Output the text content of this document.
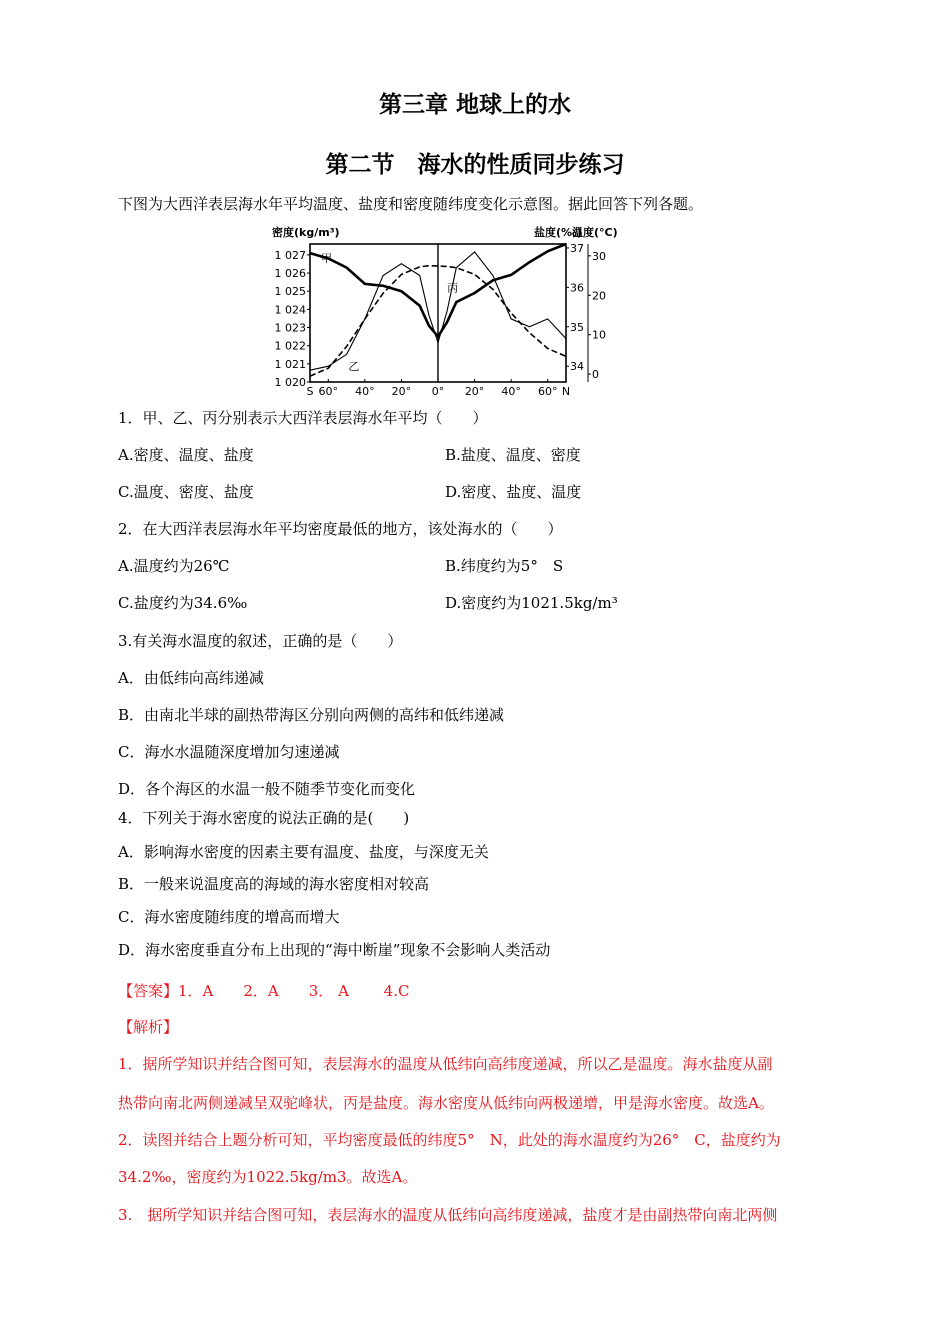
第三章 地球上的水
第二节　海水的性质同步练习
下图为大西洋表层海水年平均温度、盐度和密度随纬度变化示意图。据此回答下列各题。
密度(kg/m³)	盐度(‰)
温度(°C)
1 020
1 021
1 022
1 023
1 024
1 025
1 026
1 027
34
35
36
37
0
10
20
30
S 60° 40° 20° 0° 20° 40° 60° N
甲
乙
丙
1．甲、乙、丙分别表示大西洋表层海水年平均（　　）
A.密度、温度、盐度	B.盐度、温度、密度
C.温度、密度、盐度	D.密度、盐度、温度
2．在大西洋表层海水年平均密度最低的地方，该处海水的（　　）
A.温度约为26℃	B.纬度约为5°　S
C.盐度约为34.6‰	D.密度约为1021.5kg/m³
3.有关海水温度的叙述，正确的是（　　）
A．由低纬向高纬递减
B．由南北半球的副热带海区分别向两侧的高纬和低纬递减
C．海水水温随深度增加匀速递减
D．各个海区的水温一般不随季节变化而变化
4．下列关于海水密度的说法正确的是(　　)
A．影响海水密度的因素主要有温度、盐度，与深度无关
B．一般来说温度高的海域的海水密度相对较高
C．海水密度随纬度的增高而增大
D．海水密度垂直分布上出现的“海中断崖”现象不会影响人类活动
【答案】1．A　　2．A　　3． A　　 4.C
【解析】
1．据所学知识并结合图可知，表层海水的温度从低纬向高纬度递减，所以乙是温度。海水盐度从副
热带向南北两侧递减呈双驼峰状，丙是盐度。海水密度从低纬向两极递增，甲是海水密度。故选A。
2．读图并结合上题分析可知，平均密度最低的纬度5°　N，此处的海水温度约为26°　C，盐度约为
34.2‰，密度约为1022.5kg/m3。故选A。
3.　据所学知识并结合图可知，表层海水的温度从低纬向高纬度递减，盐度才是由副热带向南北两侧
